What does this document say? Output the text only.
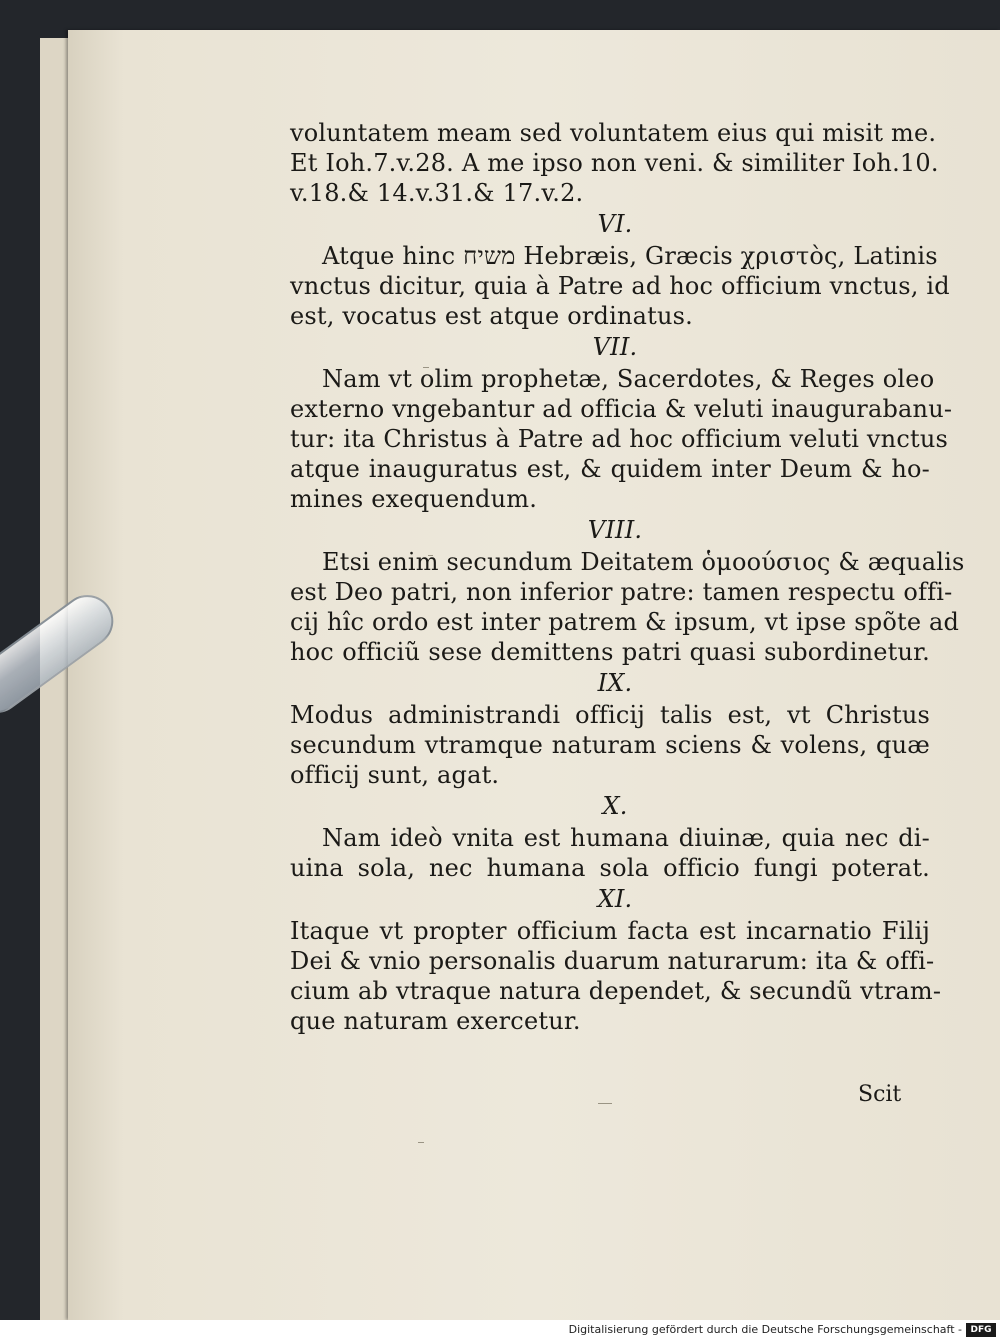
voluntatem meam sed voluntatem eius qui misit me.
Et Ioh.7.v.28. A me ipso non veni. & similiter Ioh.10.
v.18.& 14.v.31.& 17.v.2.
VI.
Atque hinc משיח Hebræis, Græcis χριστὸς, Latinis
vnctus dicitur, quia à Patre ad hoc officium vnctus, id
est, vocatus est atque ordinatus.
VII.
Nam vt olim prophetæ, Sacerdotes, & Reges oleo
externo vngebantur ad officia & veluti inaugurabanu-
tur: ita Christus à Patre ad hoc officium veluti vnctus
atque inauguratus est, & quidem inter Deum & ho-
mines exequendum.
VIII.
Etsi enim secundum Deitatem ὁμοούσιος & æqualis
est Deo patri, non inferior patre: tamen respectu offi-
cij hîc ordo est inter patrem & ipsum, vt ipse spõte ad
hoc officiũ sese demittens patri quasi subordinetur.
IX.
Modus administrandi officij talis est, vt Christus
secundum vtramque naturam sciens & volens, quæ
officij sunt, agat.
X.
Nam ideò vnita est humana diuinæ, quia nec di-
uina sola, nec humana sola officio fungi poterat.
XI.
Itaque vt propter officium facta est incarnatio Filij
Dei & vnio personalis duarum naturarum: ita & offi-
cium ab vtraque natura dependet, & secundũ vtram-
que naturam exercetur.
Scit
Digitalisierung gefördert durch die Deutsche Forschungsgemeinschaft - DFG
